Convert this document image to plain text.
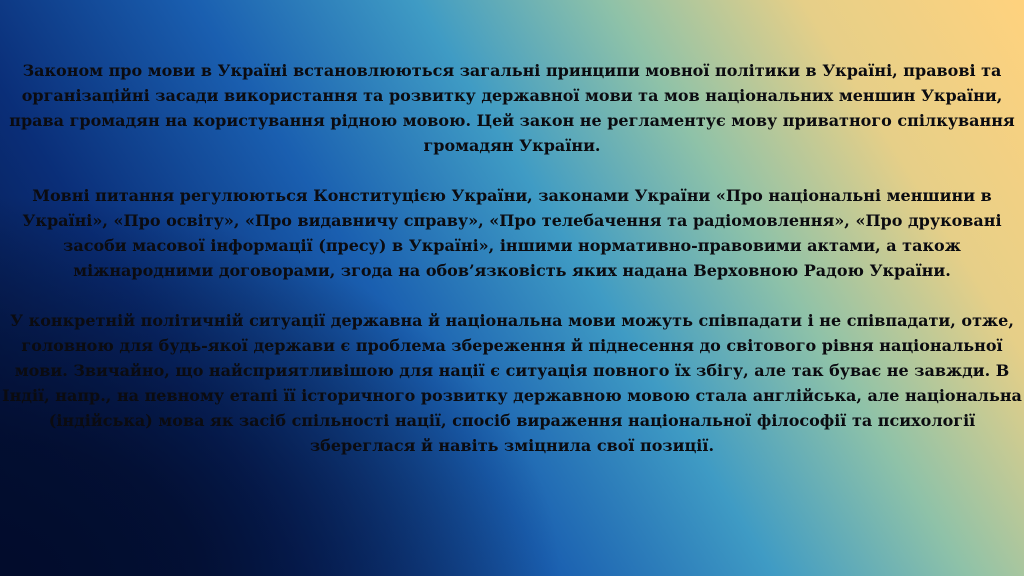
Законом про мови в Україні встановлюються загальні принципи мовної політики в Україні, правові та організаційні засади використання та розвитку державної мови та мов національних меншин України, права громадян на користування рідною мовою. Цей закон не регламентує мову приватного спілкування громадян України.

Мовні питання регулюються Конституцією України, законами України «Про національні меншини в Україні», «Про освіту», «Про видавничу справу», «Про телебачення та радіомовлення», «Про друковані засоби масової інформації (пресу) в Україні», іншими нормативно-правовими актами, а також міжнародними договорами, згода на обов’язковість яких надана Верховною Радою України.

У конкретній політичній ситуації державна й національна мови можуть співпадати і не співпадати, отже, головною для будь-якої держави є проблема збереження й піднесення до світового рівня національної мови. Звичайно, що найсприятливішою для нації є ситуація повного їх збігу, але так буває не завжди. В Індії, напр., на певному етапі її історичного розвитку державною мовою стала англійська, але національна (індійська) мова як засіб спільності нації, спосіб вираження національної філософії та психології збереглася й навіть зміцнила свої позиції.
